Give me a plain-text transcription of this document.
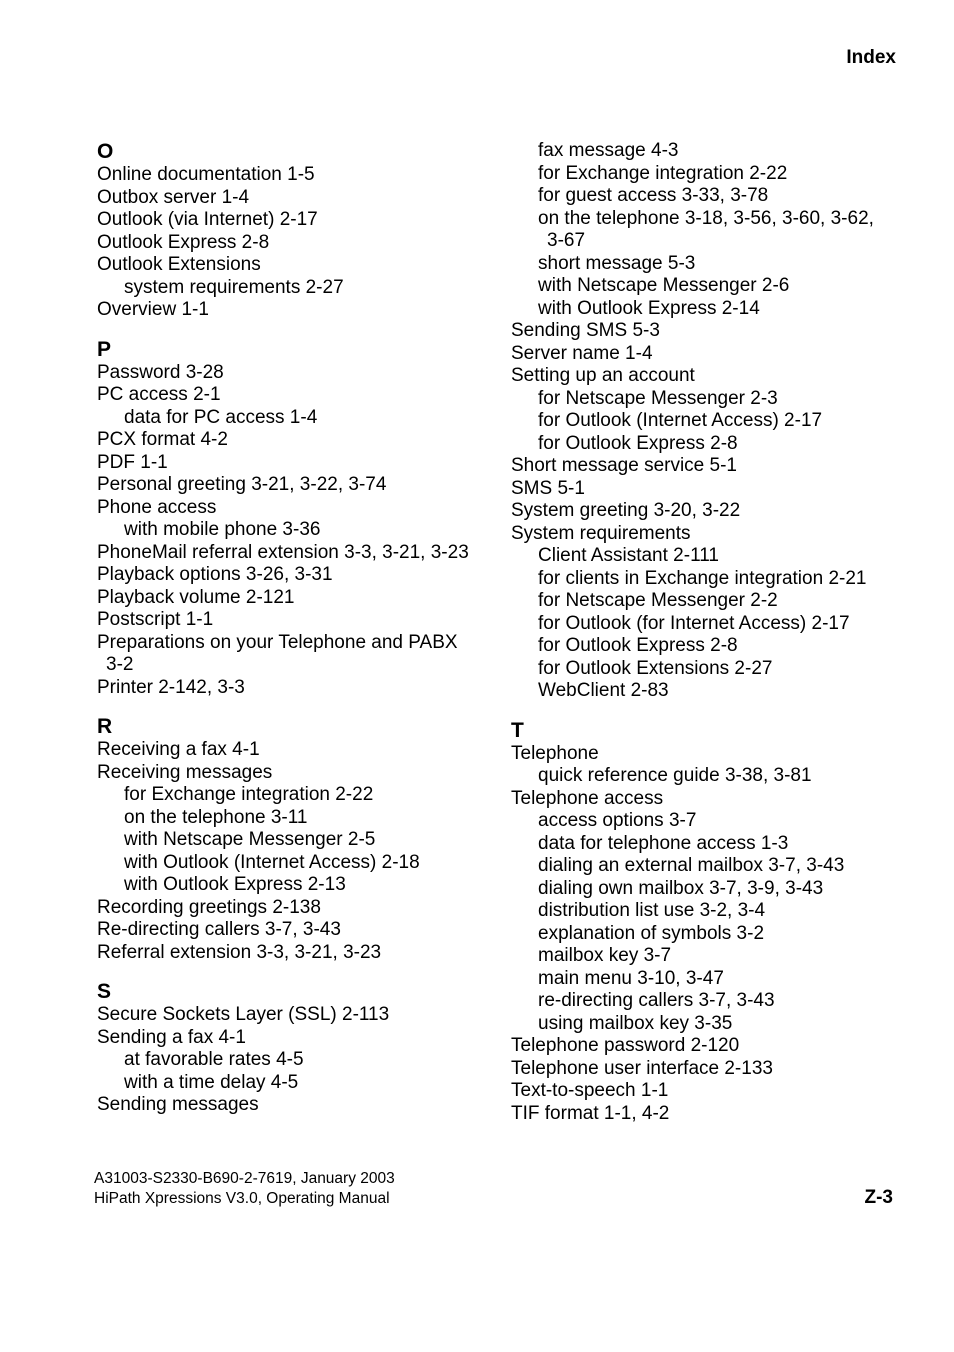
Index
O
Online documentation 1-5
Outbox server 1-4
Outlook (via Internet) 2-17
Outlook Express 2-8
Outlook Extensions
system requirements 2-27
Overview 1-1
P
Password 3-28
PC access 2-1
data for PC access 1-4
PCX format 4-2
PDF 1-1
Personal greeting 3-21, 3-22, 3-74
Phone access
with mobile phone 3-36
PhoneMail referral extension 3-3, 3-21, 3-23
Playback options 3-26, 3-31
Playback volume 2-121
Postscript 1-1
Preparations on your Telephone and PABX
3-2
Printer 2-142, 3-3
R
Receiving a fax 4-1
Receiving messages
for Exchange integration 2-22
on the telephone 3-11
with Netscape Messenger 2-5
with Outlook (Internet Access) 2-18
with Outlook Express 2-13
Recording greetings 2-138
Re-directing callers 3-7, 3-43
Referral extension 3-3, 3-21, 3-23
S
Secure Sockets Layer (SSL) 2-113
Sending a fax 4-1
at favorable rates 4-5
with a time delay 4-5
Sending messages
fax message 4-3
for Exchange integration 2-22
for guest access 3-33, 3-78
on the telephone 3-18, 3-56, 3-60, 3-62,
3-67
short message 5-3
with Netscape Messenger 2-6
with Outlook Express 2-14
Sending SMS 5-3
Server name 1-4
Setting up an account
for Netscape Messenger 2-3
for Outlook (Internet Access) 2-17
for Outlook Express 2-8
Short message service 5-1
SMS 5-1
System greeting 3-20, 3-22
System requirements
Client Assistant 2-111
for clients in Exchange integration 2-21
for Netscape Messenger 2-2
for Outlook (for Internet Access) 2-17
for Outlook Express 2-8
for Outlook Extensions 2-27
WebClient 2-83
T
Telephone
quick reference guide 3-38, 3-81
Telephone access
access options 3-7
data for telephone access 1-3
dialing an external mailbox 3-7, 3-43
dialing own mailbox 3-7, 3-9, 3-43
distribution list use 3-2, 3-4
explanation of symbols 3-2
mailbox key 3-7
main menu 3-10, 3-47
re-directing callers 3-7, 3-43
using mailbox key 3-35
Telephone password 2-120
Telephone user interface 2-133
Text-to-speech 1-1
TIF format 1-1, 4-2
A31003-S2330-B690-2-7619, January 2003
HiPath Xpressions V3.0, Operating Manual	Z-3
